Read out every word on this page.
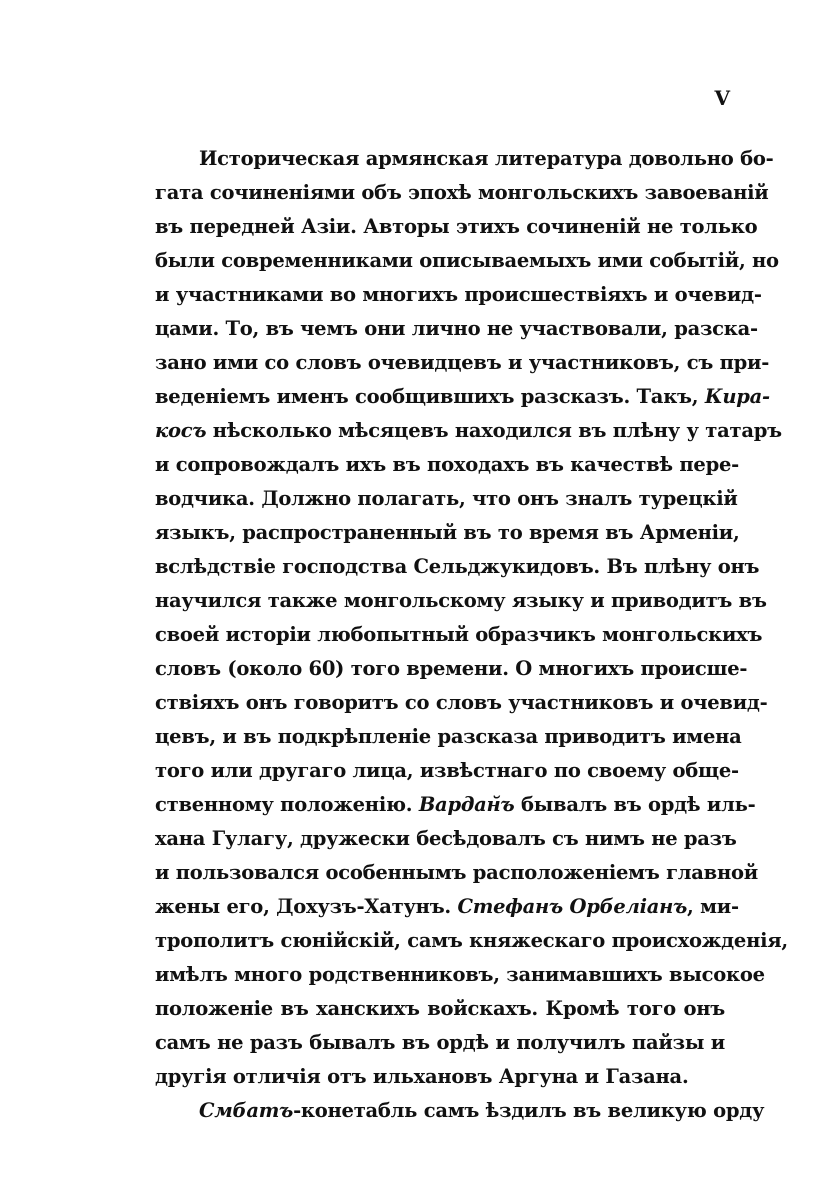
V
Историческая армянская литература довольно бо-
гата сочиненіями объ эпохѣ монгольскихъ завоеваній
въ передней Азіи. Авторы этихъ сочиненій не только
были современниками описываемыхъ ими событій, но
и участниками во многихъ происшествіяхъ и очевид-
цами. То, въ чемъ они лично не участвовали, разска-
зано ими со словъ очевидцевъ и участниковъ, съ при-
веденіемъ именъ сообщившихъ разсказъ. Такъ, Кира-
косъ нѣсколько мѣсяцевъ находился въ плѣну у татаръ
и сопровождалъ ихъ въ походахъ въ качествѣ пере-
водчика. Должно полагать, что онъ зналъ турецкій
языкъ, распространенный въ то время въ Арменіи,
вслѣдствіе господства Сельджукидовъ. Въ плѣну онъ
научился также монгольскому языку и приводитъ въ
своей исторіи любопытный образчикъ монгольскихъ
словъ (около 60) того времени. О многихъ происше-
ствіяхъ онъ говоритъ со словъ участниковъ и очевид-
цевъ, и въ подкрѣпленіе разсказа приводитъ имена
того или другаго лица, извѣстнаго по своему обще-
ственному положенію. Вардан̆ъ бывалъ въ ордѣ иль-
хана Гулагу, дружески бесѣдовалъ съ нимъ не разъ
и пользовался особеннымъ расположеніемъ главной
жены его, Дохузъ-Хатунъ. Стефанъ Орбеліанъ, ми-
трополитъ сюнійскій, самъ княжескаго происхожденія,
имѣлъ много родственниковъ, занимавшихъ высокое
положеніе въ ханскихъ войскахъ. Кромѣ того онъ
самъ не разъ бывалъ въ ордѣ и получилъ пайзы и
другія отличія отъ ильхановъ Аргуна и Газана.
Смбатъ-конетабль самъ ѣздилъ въ великую орду
